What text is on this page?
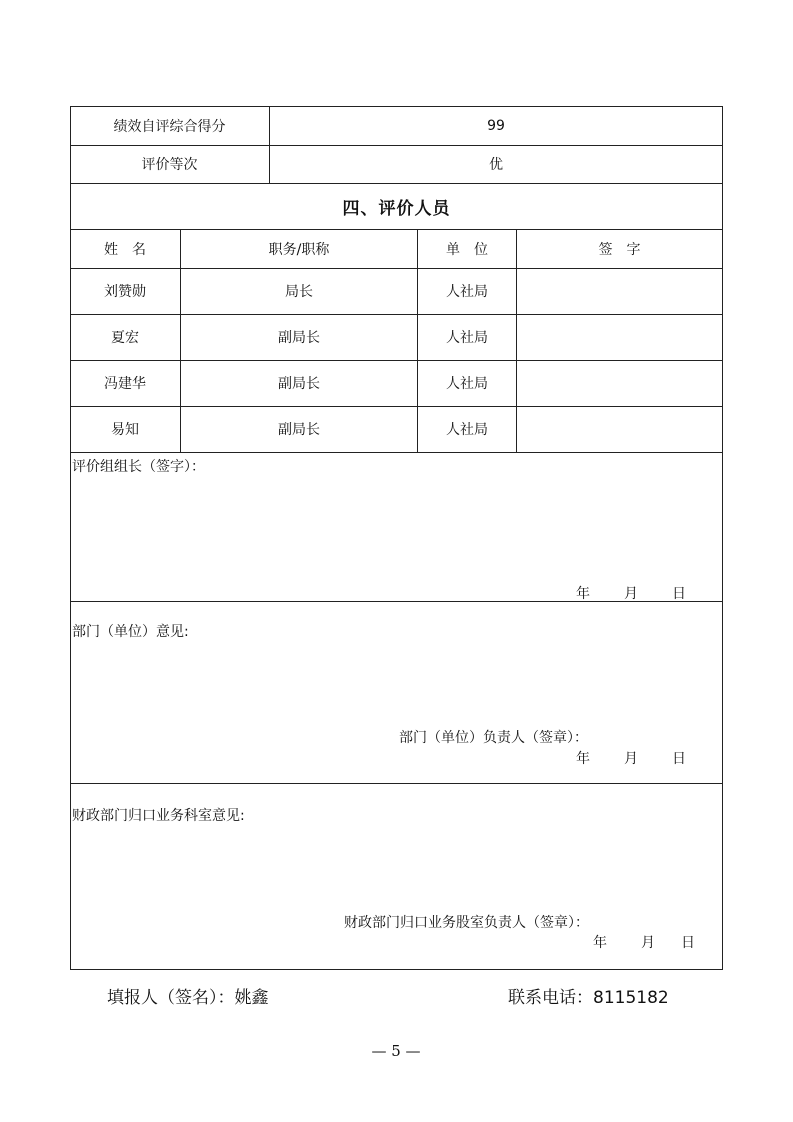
绩效自评综合得分	99
评价等次	优
四、评价人员
姓　名	职务/职称	单　位	签　字
刘赞勋	局长	人社局
夏宏	副局长	人社局
冯建华	副局长	人社局
易知	副局长	人社局
评价组组长（签字）：
年 月 日
部门（单位）意见:
部门（单位）负责人（签章）：
年 月 日
财政部门归口业务科室意见:
财政部门归口业务股室负责人（签章）：
年 月 日
填报人（签名）：姚鑫	联系电话：8115182
— 5 —
